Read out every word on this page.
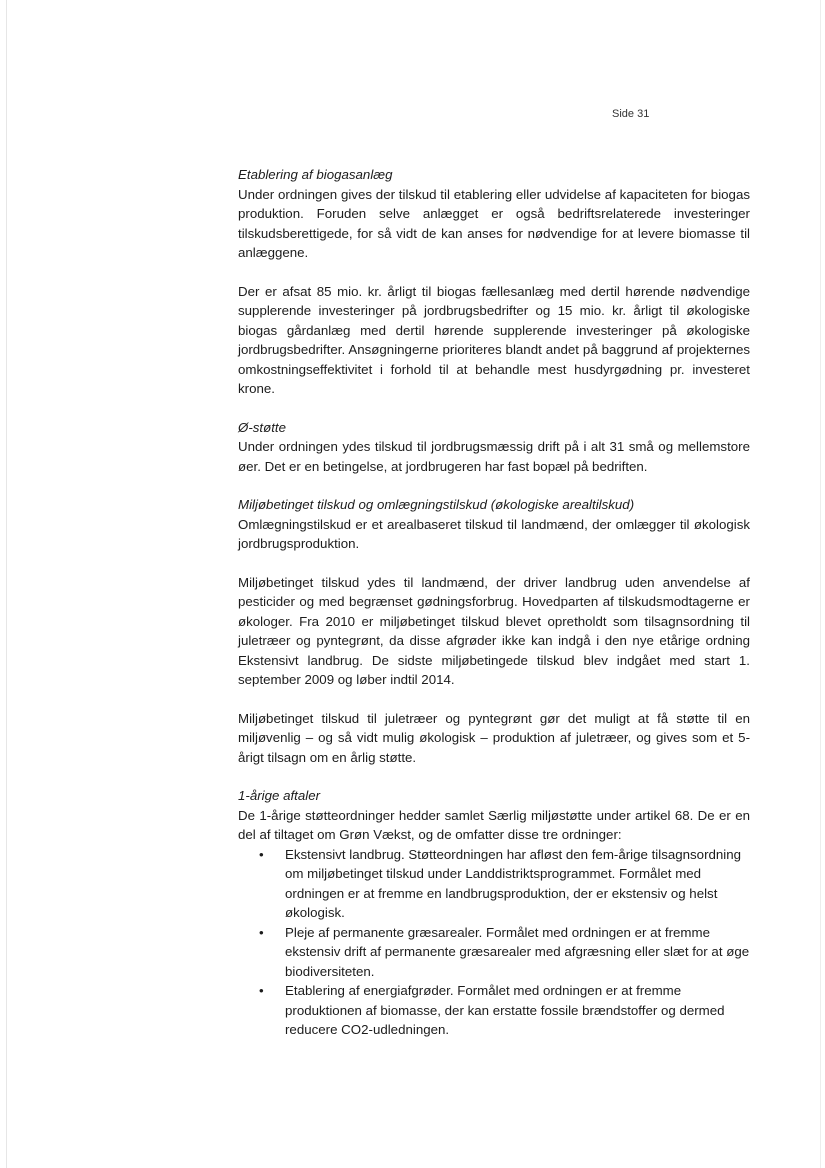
Side 31

Etablering af biogasanlæg

Under ordningen gives der tilskud til etablering eller udvidelse af kapaciteten for biogas produktion. Foruden selve anlægget er også bedriftsrelaterede investeringer tilskudsberettigede, for så vidt de kan anses for nødvendige for at levere biomasse til anlæggene.

Der er afsat 85 mio. kr. årligt til biogas fællesanlæg med dertil hørende nødvendige supplerende investeringer på jordbrugsbedrifter og 15 mio. kr. årligt til økologiske biogas gårdanlæg med dertil hørende supplerende investeringer på økologiske jordbrugsbedrifter. Ansøgningerne prioriteres blandt andet på baggrund af projekternes omkostningseffektivitet i forhold til at behandle mest husdyrgødning pr. investeret krone.

Ø-støtte

Under ordningen ydes tilskud til jordbrugsmæssig drift på i alt 31 små og mellemstore øer. Det er en betingelse, at jordbrugeren har fast bopæl på bedriften.

Miljøbetinget tilskud og omlægningstilskud (økologiske arealtilskud)

Omlægningstilskud er et arealbaseret tilskud til landmænd, der omlægger til økologisk jordbrugsproduktion.

Miljøbetinget tilskud ydes til landmænd, der driver landbrug uden anvendelse af pesticider og med begrænset gødningsforbrug. Hovedparten af tilskudsmodtagerne er økologer. Fra 2010 er miljøbetinget tilskud blevet opretholdt som tilsagnsordning til juletræer og pyntegrønt, da disse afgrøder ikke kan indgå i den nye etårige ordning Ekstensivt landbrug. De sidste miljøbetingede tilskud blev indgået med start 1. september 2009 og løber indtil 2014.

Miljøbetinget tilskud til juletræer og pyntegrønt gør det muligt at få støtte til en miljøvenlig – og så vidt mulig økologisk – produktion af juletræer, og gives som et 5-årigt tilsagn om en årlig støtte.

1-årige aftaler

De 1-årige støtteordninger hedder samlet Særlig miljøstøtte under artikel 68. De er en del af tiltaget om Grøn Vækst, og de omfatter disse tre ordninger:

• Ekstensivt landbrug. Støtteordningen har afløst den fem-årige tilsagnsordning om miljøbetinget tilskud under Landdistriktsprogrammet. Formålet med ordningen er at fremme en landbrugsproduktion, der er ekstensiv og helst økologisk.
• Pleje af permanente græsarealer. Formålet med ordningen er at fremme ekstensiv drift af permanente græsarealer med afgræsning eller slæt for at øge biodiversiteten.
• Etablering af energiafgrøder. Formålet med ordningen er at fremme produktionen af biomasse, der kan erstatte fossile brændstoffer og dermed reducere CO2-udledningen.
